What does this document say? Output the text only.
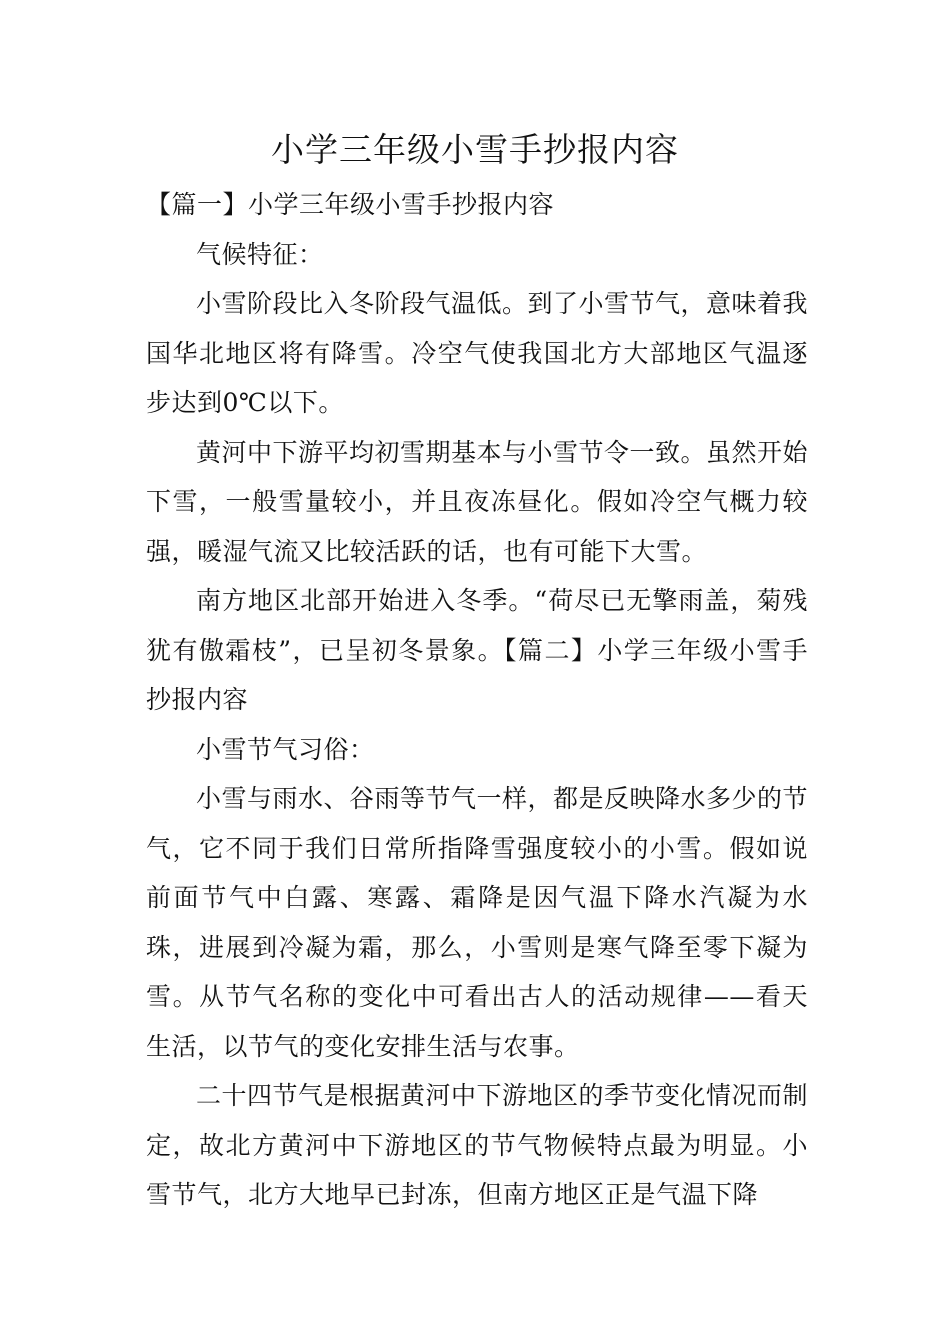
小学三年级小雪手抄报内容

【篇一】小学三年级小雪手抄报内容

气候特征：

小雪阶段比入冬阶段气温低。到了小雪节气，意味着我国华北地区将有降雪。冷空气使我国北方大部地区气温逐步达到0℃以下。

黄河中下游平均初雪期基本与小雪节令一致。虽然开始下雪，一般雪量较小，并且夜冻昼化。假如冷空气概力较强，暖湿气流又比较活跃的话，也有可能下大雪。

南方地区北部开始进入冬季。“荷尽已无擎雨盖，菊残犹有傲霜枝”，已呈初冬景象。【篇二】小学三年级小雪手抄报内容

小雪节气习俗：

小雪与雨水、谷雨等节气一样，都是反映降水多少的节气，它不同于我们日常所指降雪强度较小的小雪。假如说前面节气中白露、寒露、霜降是因气温下降水汽凝为水珠，进展到冷凝为霜，那么，小雪则是寒气降至零下凝为雪。从节气名称的变化中可看出古人的活动规律——看天生活，以节气的变化安排生活与农事。

二十四节气是根据黄河中下游地区的季节变化情况而制定，故北方黄河中下游地区的节气物候特点最为明显。小雪节气，北方大地早已封冻，但南方地区正是气温下降
